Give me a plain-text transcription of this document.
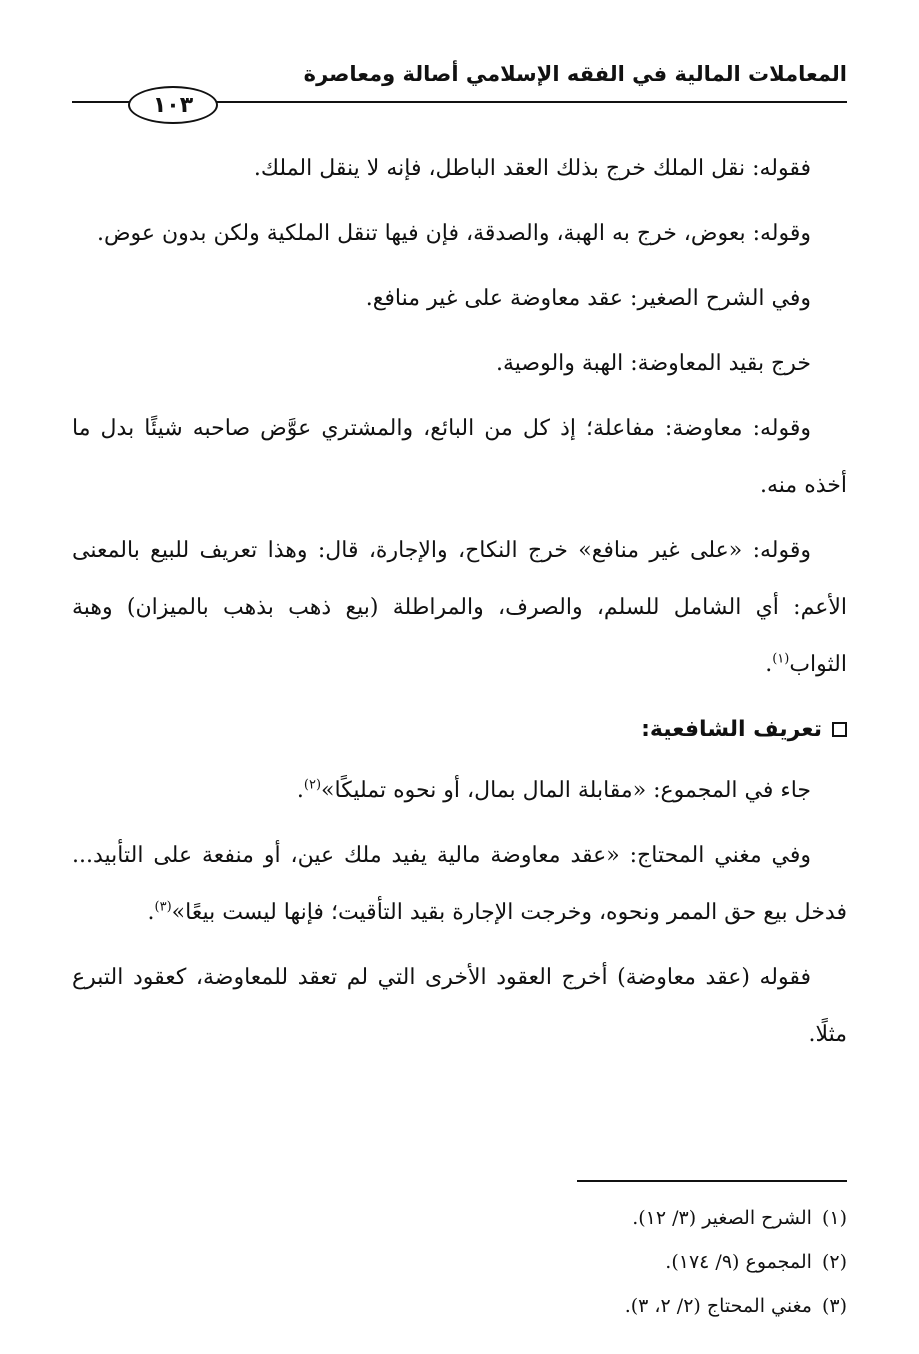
المعاملات المالية في الفقه الإسلامي أصالة ومعاصرة
١٠٣

فقوله: نقل الملك خرج بذلك العقد الباطل، فإنه لا ينقل الملك.

وقوله: بعوض، خرج به الهبة، والصدقة، فإن فيها تنقل الملكية ولكن بدون عوض.

وفي الشرح الصغير: عقد معاوضة على غير منافع.

خرج بقيد المعاوضة: الهبة والوصية.

وقوله: معاوضة: مفاعلة؛ إذ كل من البائع، والمشتري عوَّض صاحبه شيئًا بدل ما أخذه منه.

وقوله: «على غير منافع» خرج النكاح، والإجارة، قال: وهذا تعريف للبيع بالمعنى الأعم: أي الشامل للسلم، والصرف، والمراطلة (بيع ذهب بذهب بالميزان) وهبة الثواب$^{(١)}$.

تعريف الشافعية:

جاء في المجموع: «مقابلة المال بمال، أو نحوه تمليكًا»$^{(٢)}$.

وفي مغني المحتاج: «عقد معاوضة مالية يفيد ملك عين، أو منفعة على التأبيد... فدخل بيع حق الممر ونحوه، وخرجت الإجارة بقيد التأقيت؛ فإنها ليست بيعًا»$^{(٣)}$.

فقوله (عقد معاوضة) أخرج العقود الأخرى التي لم تعقد للمعاوضة، كعقود التبرع مثلًا.

(١)الشرح الصغير (٣/ ١٢).
(٢)المجموع (٩/ ١٧٤).
(٣)مغني المحتاج (٢/ ٢، ٣).
